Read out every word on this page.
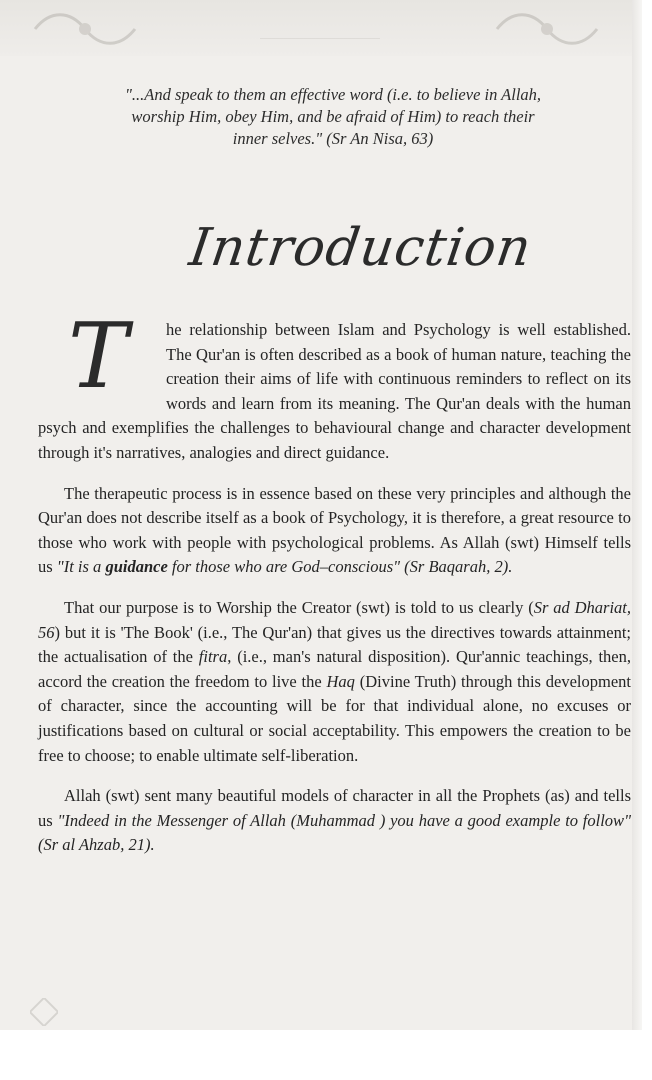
"...And speak to them an effective word (i.e. to believe in Allah,
worship Him, obey Him, and be afraid of Him) to reach their
inner selves." (Sr An Nisa, 63)
Introduction

T	he relationship between Islam and Psychology is well established. The Qur'an is often described as a book of human nature, teaching the creation their aims of life with continuous reminders to reflect on its words and learn from its meaning. The Qur'an deals with the human psych and exemplifies the challenges to behavioural change and character development through it's narratives, analogies and direct guidance.

The therapeutic process is in essence based on these very principles and although the Qur'an does not describe itself as a book of Psychology, it is therefore, a great resource to those who work with people with psychological problems. As Allah (swt) Himself tells us "It is a guidance for those who are God–conscious" (Sr Baqarah, 2).

That our purpose is to Worship the Creator (swt) is told to us clearly (Sr ad Dhariat, 56) but it is 'The Book' (i.e., The Qur'an) that gives us the directives towards attainment; the actualisation of the fitra, (i.e., man's natural disposition). Qur'annic teachings, then, accord the creation the freedom to live the Haq (Divine Truth) through this development of character, since the accounting will be for that individual alone, no excuses or justifications based on cultural or social acceptability. This empowers the creation to be free to choose; to enable ultimate self-liberation.

Allah (swt) sent many beautiful models of character in all the Prophets (as) and tells us "Indeed in the Messenger of Allah (Muhammad ) you have a good example to follow" (Sr al Ahzab, 21).
